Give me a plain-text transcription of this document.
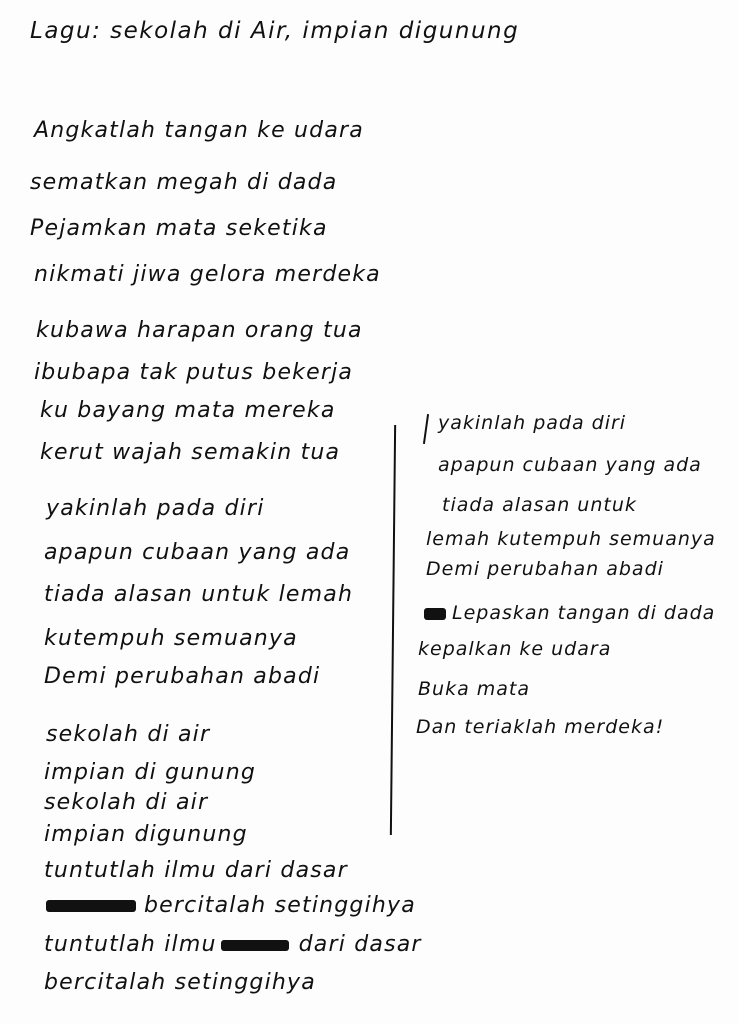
Lagu: sekolah di Air, impian digunung
Angkatlah tangan ke udara
sematkan megah di dada
Pejamkan mata seketika
nikmati jiwa gelora merdeka
kubawa harapan orang tua
ibubapa tak putus bekerja
ku bayang mata mereka
kerut wajah semakin tua
yakinlah pada diri
apapun cubaan yang ada
tiada alasan untuk lemah
kutempuh semuanya
Demi perubahan abadi
sekolah di air
impian di gunung
sekolah di air
impian digunung
tuntutlah ilmu dari dasar
bercitalah setinggihya
tuntutlah ilmu	dari dasar
bercitalah setinggihya
yakinlah pada diri
apapun cubaan yang ada
tiada alasan untuk
lemah kutempuh semuanya
Demi perubahan abadi
Lepaskan tangan di dada
kepalkan ke udara
Buka mata
Dan teriaklah merdeka!
